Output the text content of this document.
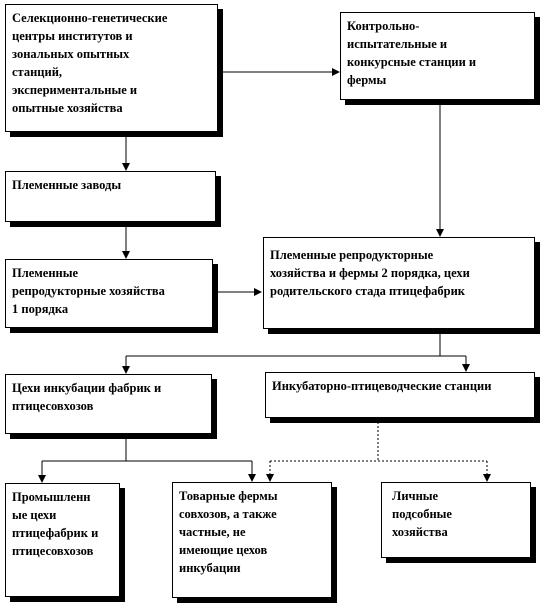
Селекционно-генетические
центры институтов и
зональных опытных
станций,
экспериментальные и
опытные хозяйства
Контрольно-
испытательные и
конкурсные станции и
фермы
Племенные заводы
Племенные репродукторные
хозяйства и фермы 2 порядка, цехи
родительского стада птицефабрик
Племенные
репродукторные хозяйства
1 порядка
Цехи инкубации фабрик и
птицесовхозов
Инкубаторно-птицеводческие станции
Промышленн
ые цехи
птицефабрик и
птицесовхозов
Товарные фермы
совхозов, а также
частные, не
имеющие цехов
инкубации
Личные
подсобные
хозяйства
